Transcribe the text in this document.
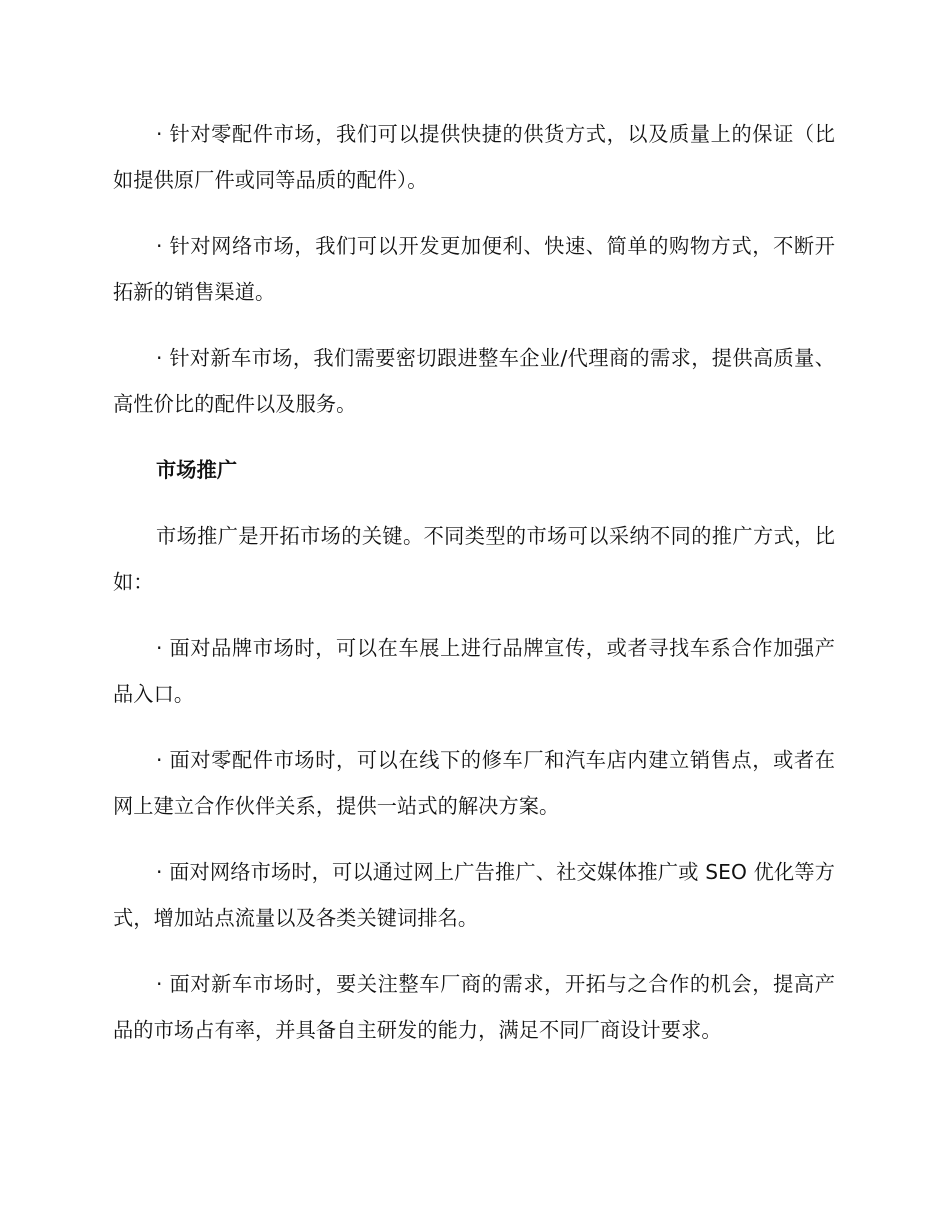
· 针对零配件市场，我们可以提供快捷的供货方式，以及质量上的保证（比如提供原厂件或同等品质的配件）。

· 针对网络市场，我们可以开发更加便利、快速、简单的购物方式，不断开拓新的销售渠道。

· 针对新车市场，我们需要密切跟进整车企业/代理商的需求，提供高质量、高性价比的配件以及服务。

市场推广

市场推广是开拓市场的关键。不同类型的市场可以采纳不同的推广方式，比如：

· 面对品牌市场时，可以在车展上进行品牌宣传，或者寻找车系合作加强产品入口。

· 面对零配件市场时，可以在线下的修车厂和汽车店内建立销售点，或者在网上建立合作伙伴关系，提供一站式的解决方案。

· 面对网络市场时，可以通过网上广告推广、社交媒体推广或 SEO 优化等方式，增加站点流量以及各类关键词排名。

· 面对新车市场时，要关注整车厂商的需求，开拓与之合作的机会，提高产品的市场占有率，并具备自主研发的能力，满足不同厂商设计要求。
